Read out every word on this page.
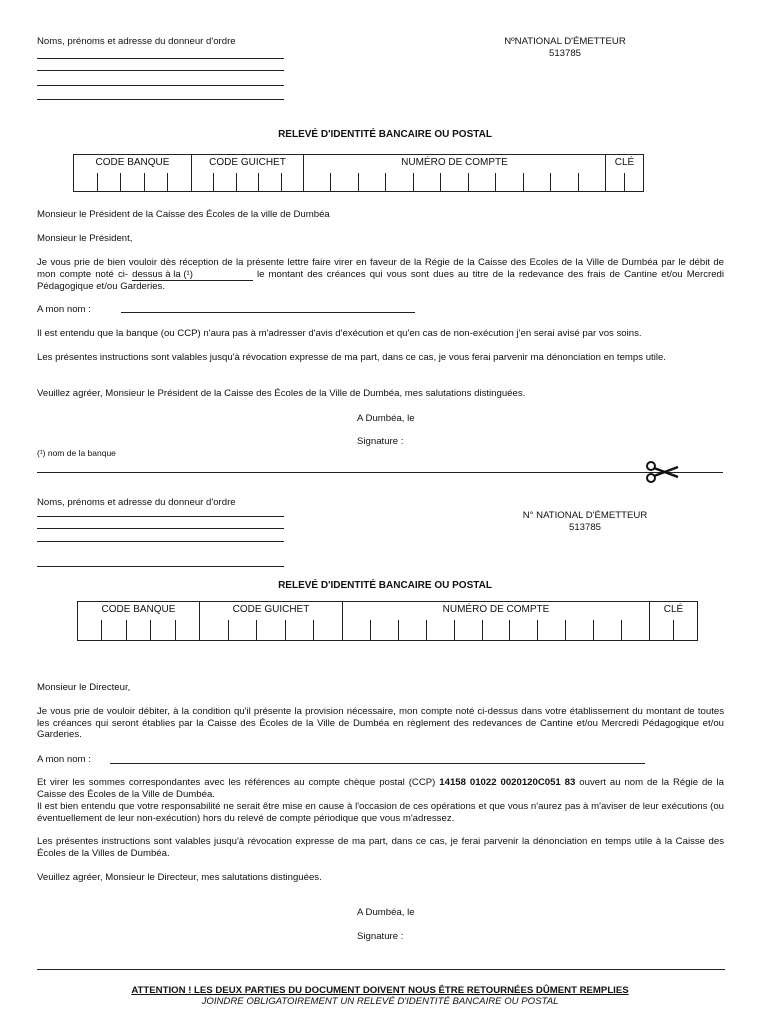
Noms, prénoms et adresse du donneur d'ordre	NºNATIONAL D'ÉMETTEUR
513785
RELEVÉ D'IDENTITÉ BANCAIRE OU POSTAL
CODE BANQUE	CODE GUICHET	NUMÉRO DE COMPTE	CLÉ

Monsieur le Président de la Caisse des Écoles de la ville de Dumbéa
Monsieur le Président,
Je vous prie de bien vouloir dès réception de la présente lettre faire virer en faveur de la Régie de la Caisse des Ecoles de la Ville de Dumbéa par le débit de mon compte noté ci- dessus à la (¹)	le montant des créances qui vous sont dues au titre de la redevance des frais de Cantine et/ou Mercredi Pédagogique et/ou Garderies.
A mon nom :
Il est entendu que la banque (ou CCP) n'aura pas à m'adresser d'avis d'exécution et qu'en cas de non-exécution j'en serai avisé par vos soins.
Les présentes instructions sont valables jusqu'à révocation expresse de ma part, dans ce cas, je vous ferai parvenir ma dénonciation en temps utile.
Veuillez agréer, Monsieur le Président de la Caisse des Écoles de la Ville de Dumbéa, mes salutations distinguées.
A Dumbéa, le
Signature :
(¹) nom de la banque
Noms, prénoms et adresse du donneur d'ordre
N° NATIONAL D'ÉMETTEUR
513785
RELEVÉ D'IDENTITÉ BANCAIRE OU POSTAL
CODE BANQUE	CODE GUICHET	NUMÉRO DE COMPTE	CLÉ

Monsieur le Directeur,
Je vous prie de vouloir débiter, à la condition qu'il présente la provision nécessaire, mon compte noté ci-dessus dans votre établissement du montant de toutes les créances qui seront établies par la Caisse des Écoles de la Ville de Dumbéa en règlement des redevances de Cantine et/ou Mercredi Pédagogique et/ou Garderies.
A mon nom :
Et virer les sommes correspondantes avec les références au compte chèque postal (CCP) 14158 01022 0020120C051 83 ouvert au nom de la Régie de la Caisse des Écoles de la Ville de Dumbéa.
Il est bien entendu que votre responsabilité ne serait être mise en cause à l'occasion de ces opérations et que vous n'aurez pas à m'aviser de leur exécutions (ou éventuellement de leur non-exécution) hors du relevé de compte périodique que vous m'adressez.
Les présentes instructions sont valables jusqu'à révocation expresse de ma part, dans ce cas, je ferai parvenir la dénonciation en temps utile à la Caisse des Écoles de la Villes de Dumbéa.
Veuillez agréer, Monsieur le Directeur, mes salutations distinguées.
A Dumbéa, le
Signature :
ATTENTION ! LES DEUX PARTIES DU DOCUMENT DOIVENT NOUS ÊTRE RETOURNÉES DÛMENT REMPLIES
JOINDRE OBLIGATOIREMENT UN RELEVÉ D'IDENTITÉ BANCAIRE OU POSTAL
